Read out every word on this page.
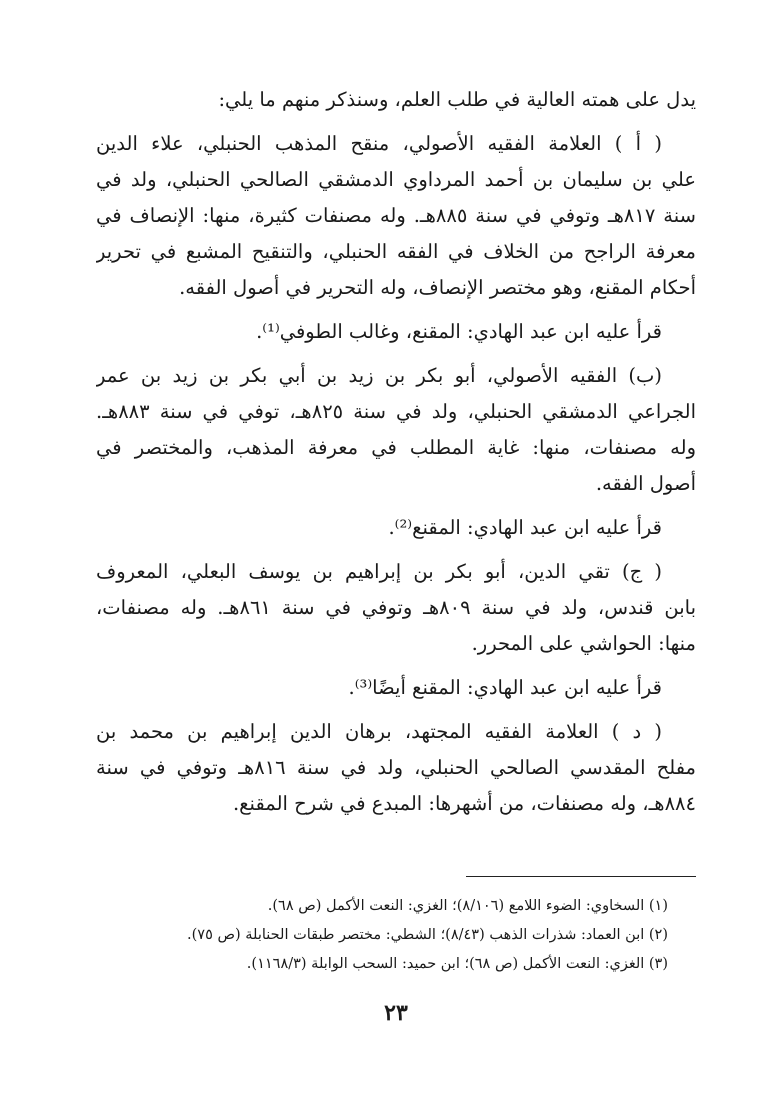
يدل على همته العالية في طلب العلم، وسنذكر منهم ما يلي:
( أ ) العلامة الفقيه الأصولي، منقح المذهب الحنبلي، علاء الدين
علي بن سليمان بن أحمد المرداوي الدمشقي الصالحي الحنبلي، ولد في
سنة ٨١٧هـ وتوفي في سنة ٨٨٥هـ. وله مصنفات كثيرة، منها: الإنصاف في
معرفة الراجح من الخلاف في الفقه الحنبلي، والتنقيح المشبع في تحرير
أحكام المقنع، وهو مختصر الإنصاف، وله التحرير في أصول الفقه.
قرأ عليه ابن عبد الهادي: المقنع، وغالب الطوفي⁽¹⁾.
(ب) الفقيه الأصولي، أبو بكر بن زيد بن أبي بكر بن زيد بن عمر
الجراعي الدمشقي الحنبلي، ولد في سنة ٨٢٥هـ، توفي في سنة ٨٨٣هـ.
وله مصنفات، منها: غاية المطلب في معرفة المذهب، والمختصر في
أصول الفقه.
قرأ عليه ابن عبد الهادي: المقنع⁽²⁾.
( ج) تقي الدين، أبو بكر بن إبراهيم بن يوسف البعلي، المعروف
بابن قندس، ولد في سنة ٨٠٩هـ وتوفي في سنة ٨٦١هـ. وله مصنفات،
منها: الحواشي على المحرر.
قرأ عليه ابن عبد الهادي: المقنع أيضًا⁽³⁾.
( د ) العلامة الفقيه المجتهد، برهان الدين إبراهيم بن محمد بن
مفلح المقدسي الصالحي الحنبلي، ولد في سنة ٨١٦هـ وتوفي في سنة
٨٨٤هـ، وله مصنفات، من أشهرها: المبدع في شرح المقنع.
(١) السخاوي: الضوء اللامع (٨/١٠٦)؛ الغزي: النعت الأكمل (ص ٦٨).
(٢) ابن العماد: شذرات الذهب (٨/٤٣)؛ الشطي: مختصر طبقات الحنابلة (ص ٧٥).
(٣) الغزي: النعت الأكمل (ص ٦٨)؛ ابن حميد: السحب الوابلة (١١٦٨/٣).
٢٣
